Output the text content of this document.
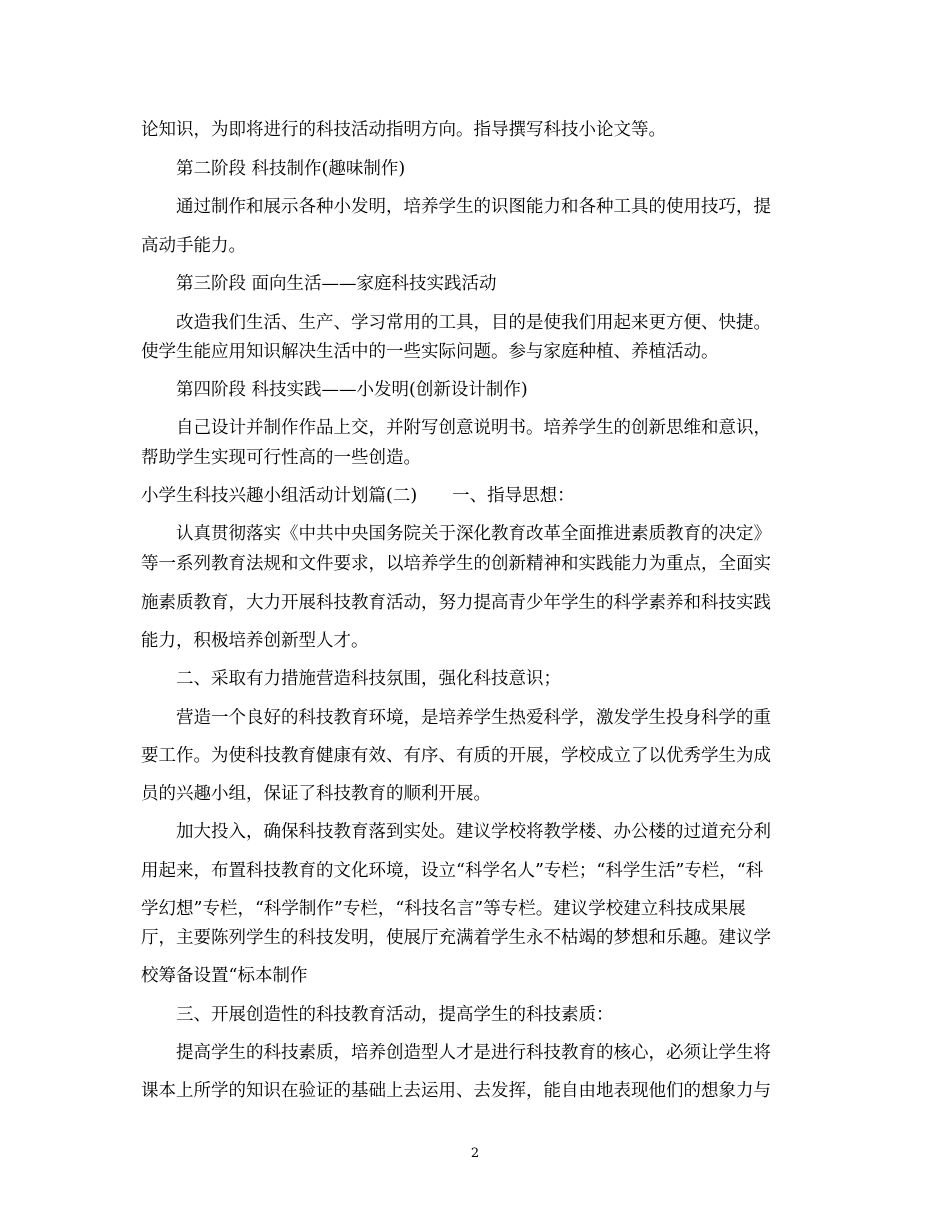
论知识，为即将进行的科技活动指明方向。指导撰写科技小论文等。
第二阶段 科技制作(趣味制作)
通过制作和展示各种小发明，培养学生的识图能力和各种工具的使用技巧，提
高动手能力。
第三阶段 面向生活——家庭科技实践活动
改造我们生活、生产、学习常用的工具，目的是使我们用起来更方便、快捷。
使学生能应用知识解决生活中的一些实际问题。参与家庭种植、养植活动。
第四阶段 科技实践——小发明(创新设计制作)
自己设计并制作作品上交，并附写创意说明书。培养学生的创新思维和意识，
帮助学生实现可行性高的一些创造。
小学生科技兴趣小组活动计划篇(二)　　一、指导思想：
认真贯彻落实《中共中央国务院关于深化教育改革全面推进素质教育的决定》
等一系列教育法规和文件要求，以培养学生的创新精神和实践能力为重点，全面实
施素质教育，大力开展科技教育活动，努力提高青少年学生的科学素养和科技实践
能力，积极培养创新型人才。
二、采取有力措施营造科技氛围，强化科技意识；
营造一个良好的科技教育环境，是培养学生热爱科学，激发学生投身科学的重
要工作。为使科技教育健康有效、有序、有质的开展，学校成立了以优秀学生为成
员的兴趣小组，保证了科技教育的顺利开展。
加大投入，确保科技教育落到实处。建议学校将教学楼、办公楼的过道充分利
用起来，布置科技教育的文化环境，设立“科学名人”专栏；“科学生活”专栏，“科
学幻想”专栏，“科学制作”专栏，“科技名言”等专栏。建议学校建立科技成果展
厅，主要陈列学生的科技发明，使展厅充满着学生永不枯竭的梦想和乐趣。建议学
校筹备设置“标本制作
三、开展创造性的科技教育活动，提高学生的科技素质：
提高学生的科技素质，培养创造型人才是进行科技教育的核心，必须让学生将
课本上所学的知识在验证的基础上去运用、去发挥，能自由地表现他们的想象力与
2
